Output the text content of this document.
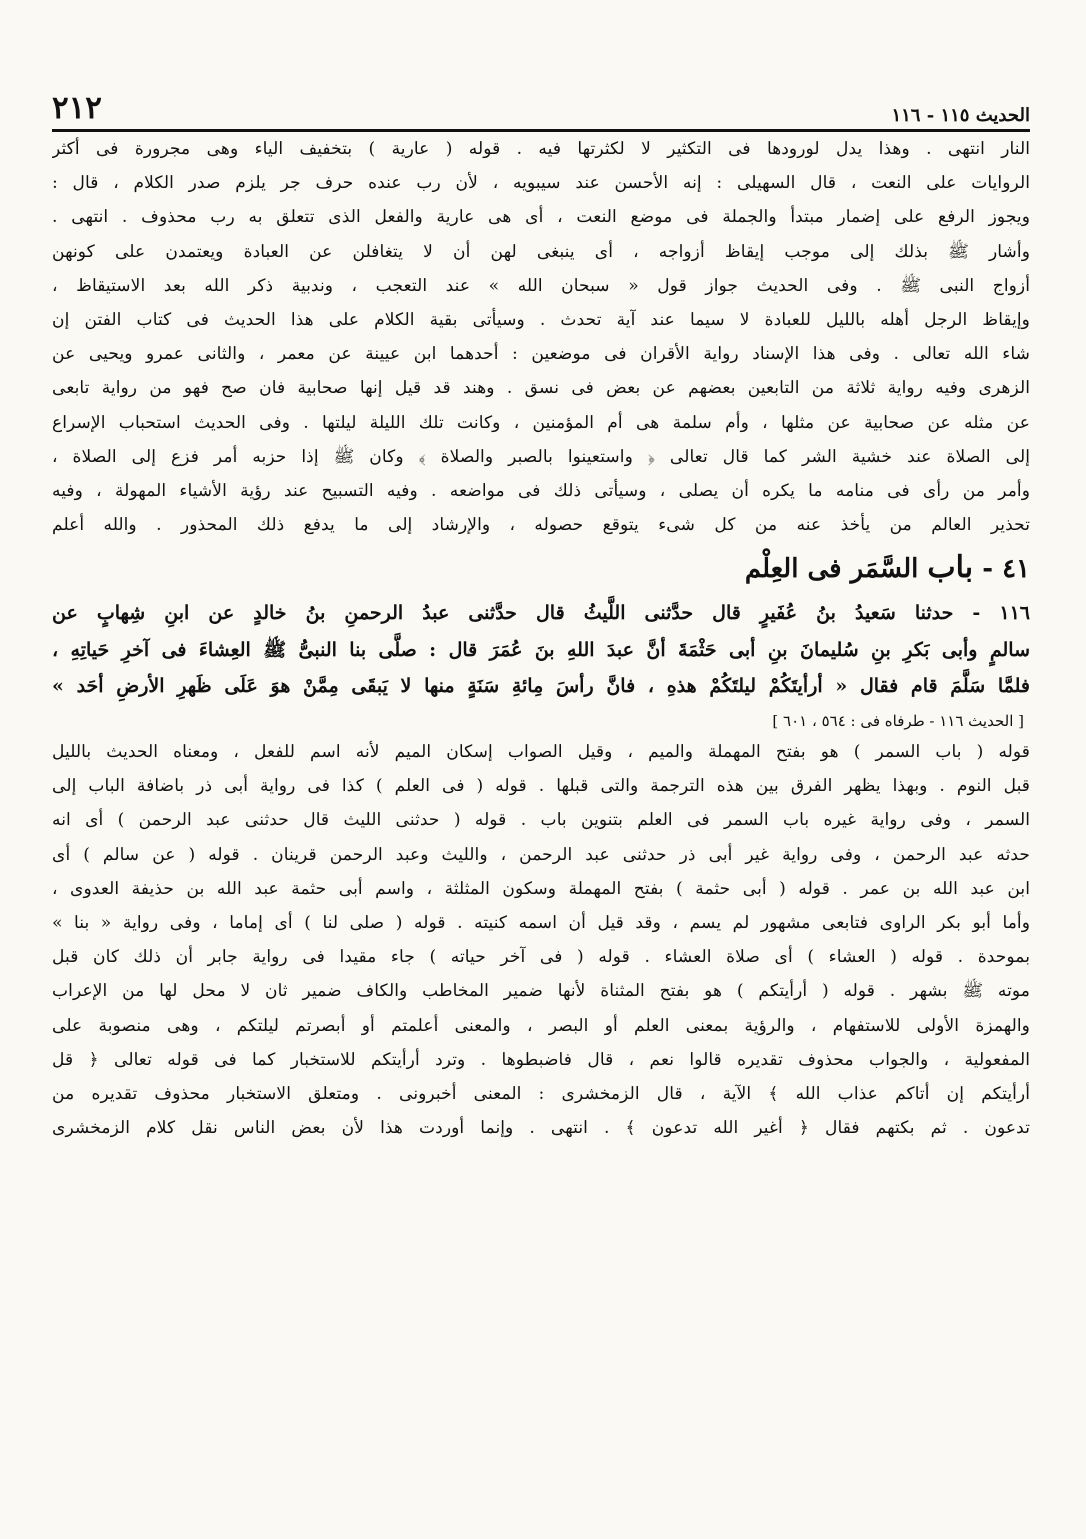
الحديث ١١٥ - ١١٦
٢١٢
النار انتهى . وهذا يدل لورودها فى التكثير لا لكثرتها فيه . قوله ( عارية ) بتخفيف الياء وهى مجرورة فى أكثر
الروايات على النعت ، قال السهيلى : إنه الأحسن عند سيبويه ، لأن رب عنده حرف جر يلزم صدر الكلام ، قال :
ويجوز الرفع على إضمار مبتدأ والجملة فى موضع النعت ، أى هى عارية والفعل الذى تتعلق به رب محذوف . انتهى .
وأشار ﷺ بذلك إلى موجب إيقاظ أزواجه ، أى ينبغى لهن أن لا يتغافلن عن العبادة ويعتمدن على كونهن
أزواج النبى ﷺ . وفى الحديث جواز قول « سبحان الله » عند التعجب ، وندبية ذكر الله بعد الاستيقاظ ،
وإيقاظ الرجل أهله بالليل للعبادة لا سيما عند آية تحدث . وسيأتى بقية الكلام على هذا الحديث فى كتاب الفتن إن
شاء الله تعالى . وفى هذا الإسناد رواية الأقران فى موضعين : أحدهما ابن عيينة عن معمر ، والثانى عمرو ويحيى عن
الزهرى وفيه رواية ثلاثة من التابعين بعضهم عن بعض فى نسق . وهند قد قيل إنها صحابية فان صح فهو من رواية تابعى
عن مثله عن صحابية عن مثلها ، وأم سلمة هى أم المؤمنين ، وكانت تلك الليلة ليلتها . وفى الحديث استحباب الإسراع
إلى الصلاة عند خشية الشر كما قال تعالى ﴿ واستعينوا بالصبر والصلاة ﴾ وكان ﷺ إذا حزبه أمر فزع إلى الصلاة ،
وأمر من رأى فى منامه ما يكره أن يصلى ، وسيأتى ذلك فى مواضعه . وفيه التسبيح عند رؤية الأشياء المهولة ، وفيه
تحذير العالم من يأخذ عنه من كل شىء يتوقع حصوله ، والإرشاد إلى ما يدفع ذلك المحذور . والله أعلم
٤١ - باب السَّمَر فى العِلْم
١١٦ - حدثنا سَعيدُ بنُ عُفَيرٍ قال حدَّثنى اللَّيثُ قال حدَّثنى عبدُ الرحمنِ بنُ خالدٍ عن ابنِ شِهابٍ عن
سالمٍ وأبى بَكرِ بنِ سُليمانَ بنِ أبى حَثْمَةَ أنَّ عبدَ اللهِ بنَ عُمَرَ قال : صلَّى بنا النبىُّ ﷺ العِشاءَ فى آخرِ حَياتِهِ ،
فلمَّا سَلَّمَ قام فقال « أرأيتَكُمْ ليلتَكُمْ هذهِ ، فانَّ رأسَ مِائةِ سَنَةٍ منها لا يَبقَى مِمَّنْ هوَ عَلَى ظَهرِ الأرضِ أحَد »
[ الحديث ١١٦ - طرفاه فى : ٥٦٤ ، ٦٠١ ]
قوله ( باب السمر ) هو بفتح المهملة والميم ، وقيل الصواب إسكان الميم لأنه اسم للفعل ، ومعناه الحديث بالليل
قبل النوم . وبهذا يظهر الفرق بين هذه الترجمة والتى قبلها . قوله ( فى العلم ) كذا فى رواية أبى ذر باضافة الباب إلى
السمر ، وفى رواية غيره باب السمر فى العلم بتنوين باب . قوله ( حدثنى الليث قال حدثنى عبد الرحمن ) أى انه
حدثه عبد الرحمن ، وفى رواية غير أبى ذر حدثنى عبد الرحمن ، والليث وعبد الرحمن قرينان . قوله ( عن سالم ) أى
ابن عبد الله بن عمر . قوله ( أبى حثمة ) بفتح المهملة وسكون المثلثة ، واسم أبى حثمة عبد الله بن حذيفة العدوى ،
وأما أبو بكر الراوى فتابعى مشهور لم يسم ، وقد قيل أن اسمه كنيته . قوله ( صلى لنا ) أى إماما ، وفى رواية « بنا »
بموحدة . قوله ( العشاء ) أى صلاة العشاء . قوله ( فى آخر حياته ) جاء مقيدا فى رواية جابر أن ذلك كان قبل
موته ﷺ بشهر . قوله ( أرأيتكم ) هو بفتح المثناة لأنها ضمير المخاطب والكاف ضمير ثان لا محل لها من الإعراب
والهمزة الأولى للاستفهام ، والرؤية بمعنى العلم أو البصر ، والمعنى أعلمتم أو أبصرتم ليلتكم ، وهى منصوبة على
المفعولية ، والجواب محذوف تقديره قالوا نعم ، قال فاضبطوها . وترد أرأيتكم للاستخبار كما فى قوله تعالى ﴿ قل
أرأيتكم إن أتاكم عذاب الله ﴾ الآية ، قال الزمخشرى : المعنى أخبرونى . ومتعلق الاستخبار محذوف تقديره من
تدعون . ثم بكتهم فقال ﴿ أغير الله تدعون ﴾ . انتهى . وإنما أوردت هذا لأن بعض الناس نقل كلام الزمخشرى
